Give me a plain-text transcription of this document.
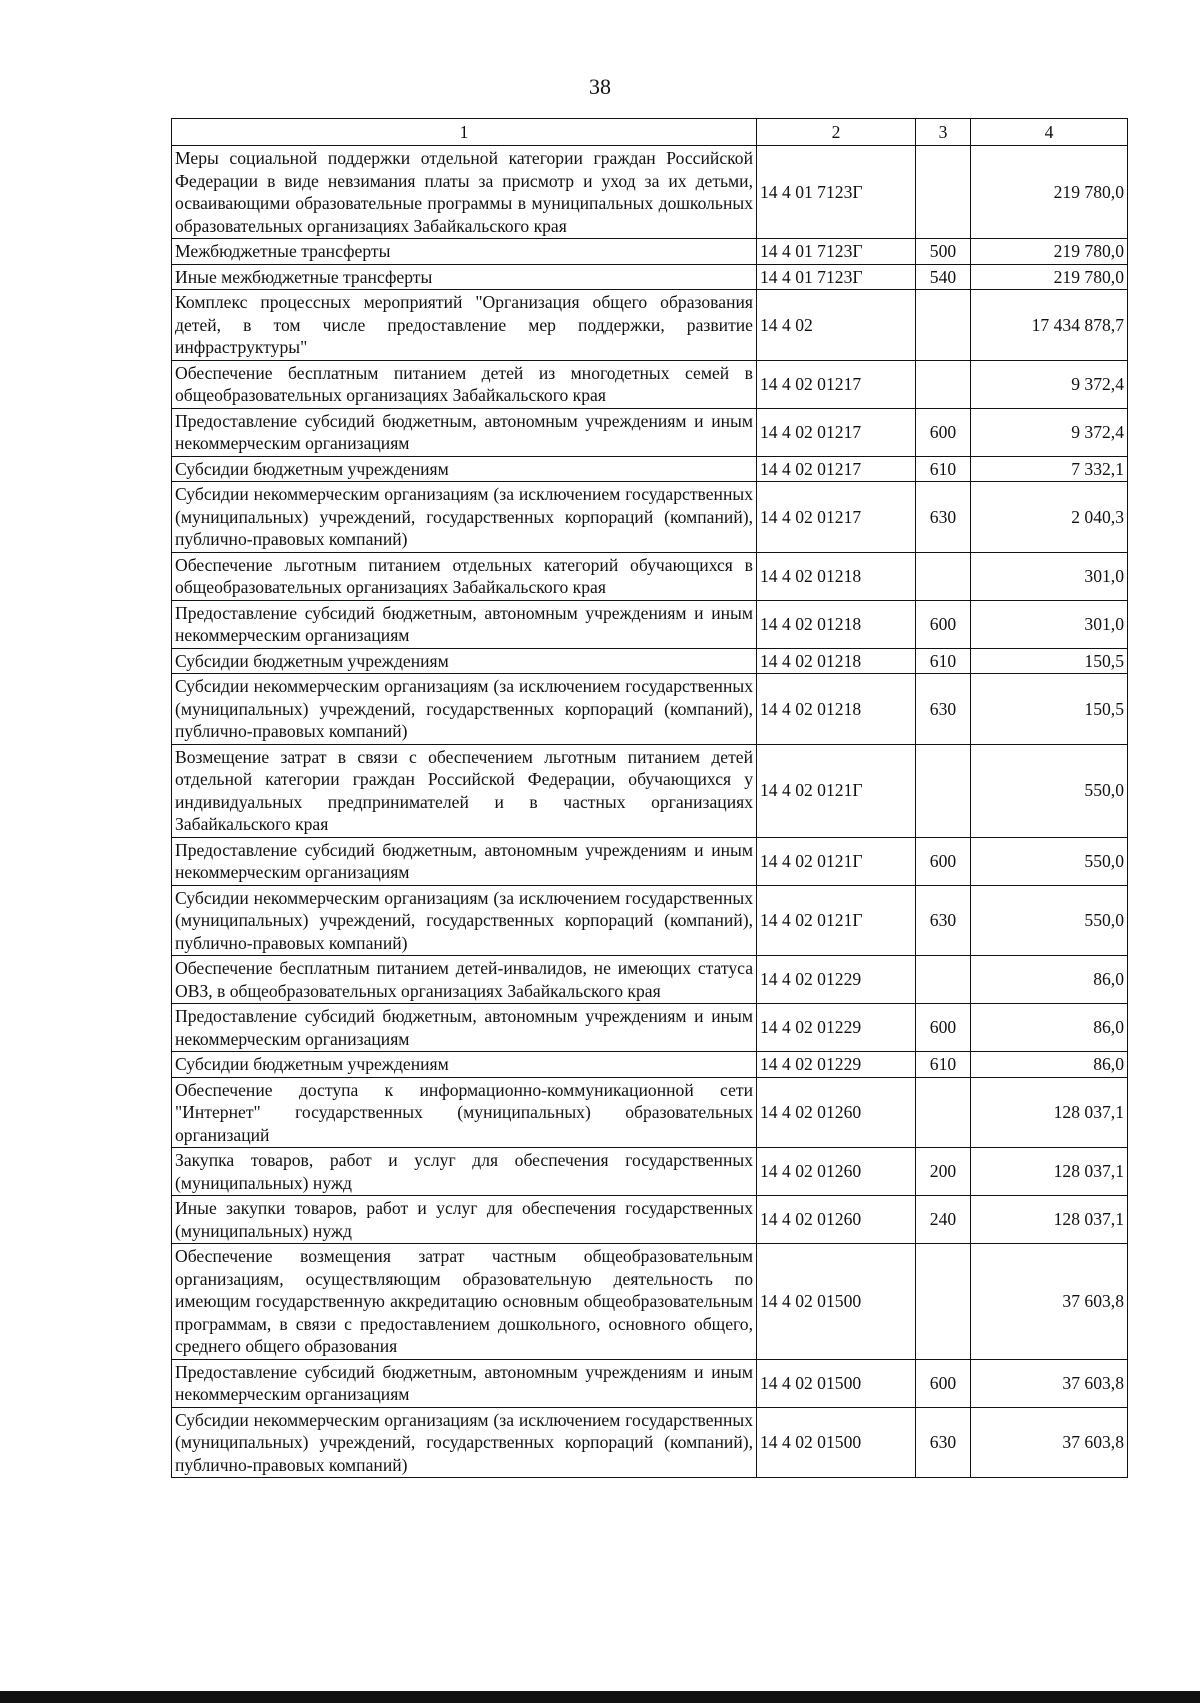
38
1	2	3	4
Меры социальной поддержки отдельной категории граждан Российской Федерации в виде невзимания платы за присмотр и уход за их детьми, осваивающими образовательные программы в муниципальных дошкольных образовательных организациях Забайкальского края	14 4 01 7123Г		219 780,0
Межбюджетные трансферты	14 4 01 7123Г	500	219 780,0
Иные межбюджетные трансферты	14 4 01 7123Г	540	219 780,0
Комплекс процессных мероприятий "Организация общего образования детей, в том числе предоставление мер поддержки, развитие инфраструктуры"	14 4 02		17 434 878,7
Обеспечение бесплатным питанием детей из многодетных семей в общеобразовательных организациях Забайкальского края	14 4 02 01217		9 372,4
Предоставление субсидий бюджетным, автономным учреждениям и иным некоммерческим организациям	14 4 02 01217	600	9 372,4
Субсидии бюджетным учреждениям	14 4 02 01217	610	7 332,1
Субсидии некоммерческим организациям (за исключением государственных (муниципальных) учреждений, государственных корпораций (компаний), публично-правовых компаний)	14 4 02 01217	630	2 040,3
Обеспечение льготным питанием отдельных категорий обучающихся в общеобразовательных организациях Забайкальского края	14 4 02 01218		301,0
Предоставление субсидий бюджетным, автономным учреждениям и иным некоммерческим организациям	14 4 02 01218	600	301,0
Субсидии бюджетным учреждениям	14 4 02 01218	610	150,5
Субсидии некоммерческим организациям (за исключением государственных (муниципальных) учреждений, государственных корпораций (компаний), публично-правовых компаний)	14 4 02 01218	630	150,5
Возмещение затрат в связи с обеспечением льготным питанием детей отдельной категории граждан Российской Федерации, обучающихся у индивидуальных предпринимателей и в частных организациях Забайкальского края	14 4 02 0121Г		550,0
Предоставление субсидий бюджетным, автономным учреждениям и иным некоммерческим организациям	14 4 02 0121Г	600	550,0
Субсидии некоммерческим организациям (за исключением государственных (муниципальных) учреждений, государственных корпораций (компаний), публично-правовых компаний)	14 4 02 0121Г	630	550,0
Обеспечение бесплатным питанием детей-инвалидов, не имеющих статуса ОВЗ, в общеобразовательных организациях Забайкальского края	14 4 02 01229		86,0
Предоставление субсидий бюджетным, автономным учреждениям и иным некоммерческим организациям	14 4 02 01229	600	86,0
Субсидии бюджетным учреждениям	14 4 02 01229	610	86,0
Обеспечение доступа к информационно-коммуникационной сети "Интернет" государственных (муниципальных) образовательных организаций	14 4 02 01260		128 037,1
Закупка товаров, работ и услуг для обеспечения государственных (муниципальных) нужд	14 4 02 01260	200	128 037,1
Иные закупки товаров, работ и услуг для обеспечения государственных (муниципальных) нужд	14 4 02 01260	240	128 037,1
Обеспечение возмещения затрат частным общеобразовательным организациям, осуществляющим образовательную деятельность по имеющим государственную аккредитацию основным общеобразовательным программам, в связи с предоставлением дошкольного, основного общего, среднего общего образования	14 4 02 01500		37 603,8
Предоставление субсидий бюджетным, автономным учреждениям и иным некоммерческим организациям	14 4 02 01500	600	37 603,8
Субсидии некоммерческим организациям (за исключением государственных (муниципальных) учреждений, государственных корпораций (компаний), публично-правовых компаний)	14 4 02 01500	630	37 603,8
